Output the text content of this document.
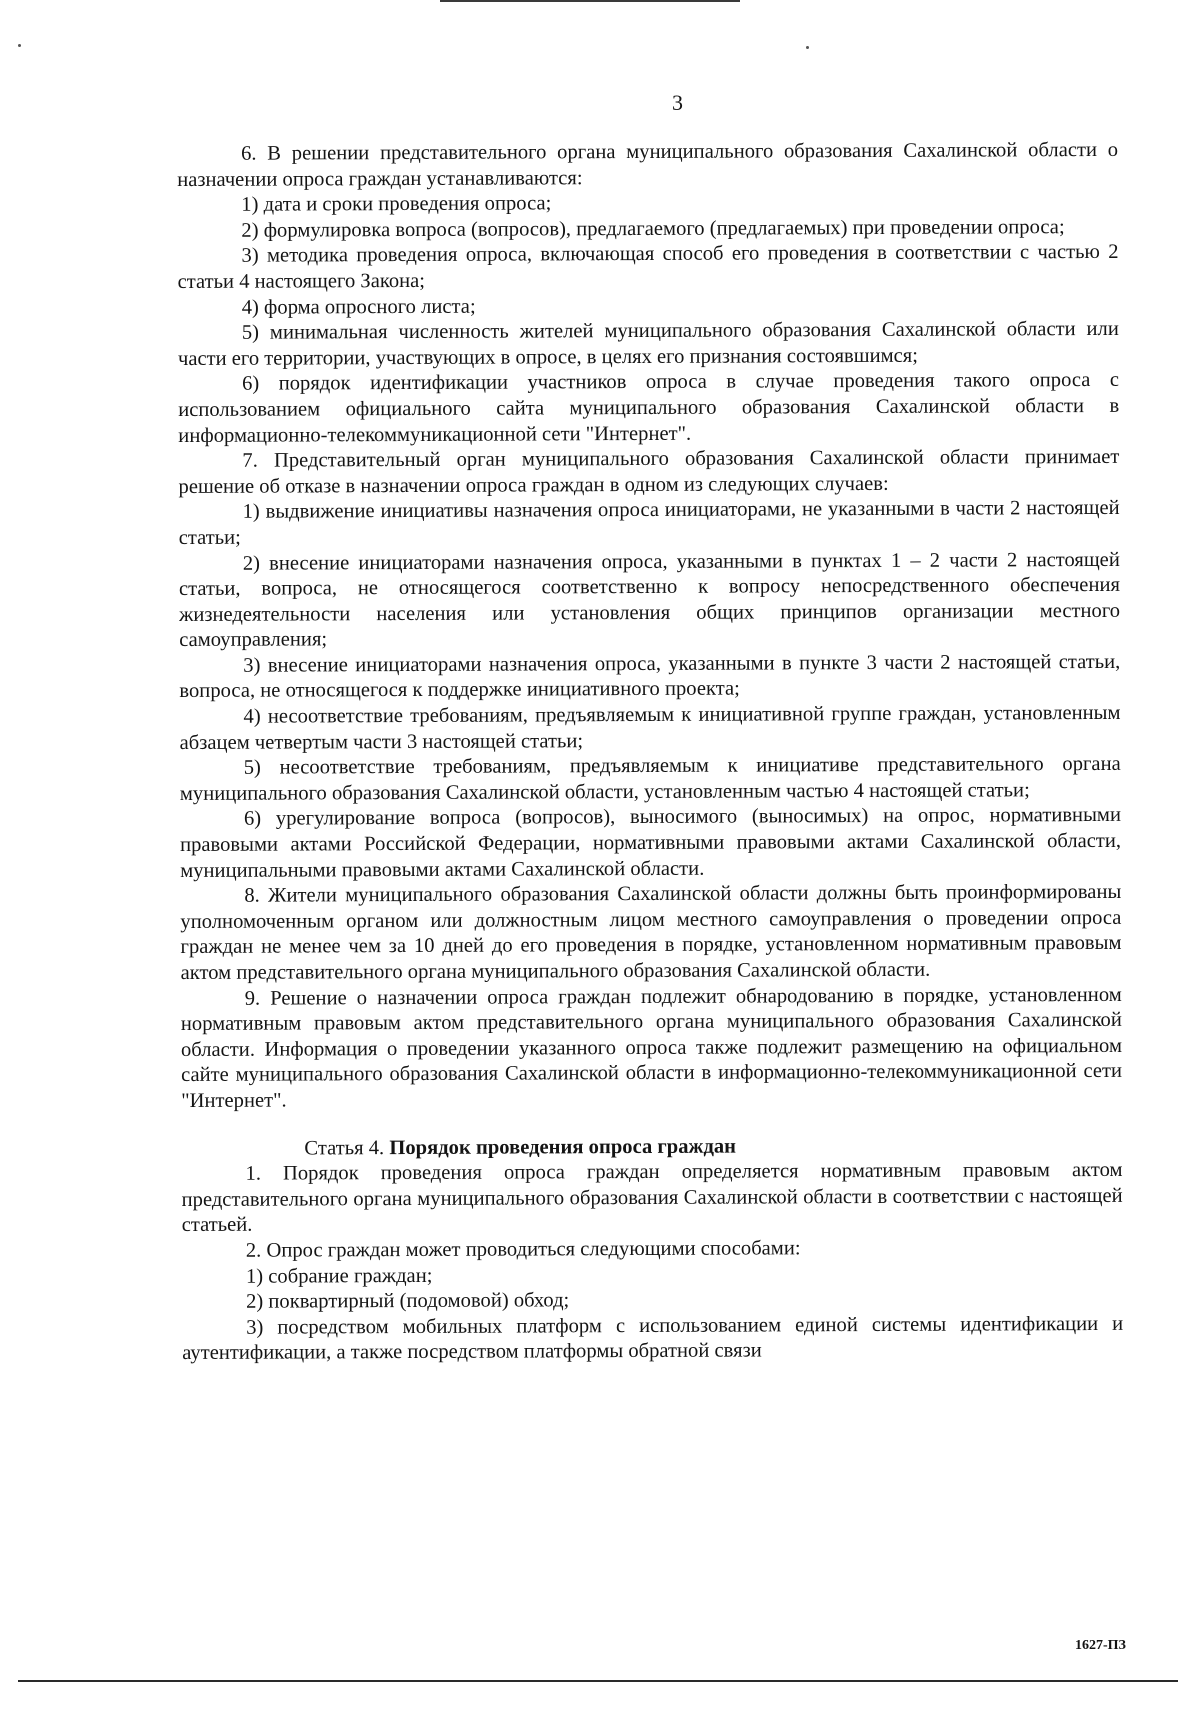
3

6. В решении представительного органа муниципального образования Сахалинской области о назначении опроса граждан устанавливаются:

1) дата и сроки проведения опроса;

2) формулировка вопроса (вопросов), предлагаемого (предлагаемых) при проведении опроса;

3) методика проведения опроса, включающая способ его проведения в соответствии с частью 2 статьи 4 настоящего Закона;

4) форма опросного листа;

5) минимальная численность жителей муниципального образования Сахалинской области или части его территории, участвующих в опросе, в целях его признания состоявшимся;

6) порядок идентификации участников опроса в случае проведения такого опроса с использованием официального сайта муниципального образования Сахалинской области в информационно-телекоммуникационной сети "Интернет".

7. Представительный орган муниципального образования Сахалинской области принимает решение об отказе в назначении опроса граждан в одном из следующих случаев:

1) выдвижение инициативы назначения опроса инициаторами, не указанными в части 2 настоящей статьи;

2) внесение инициаторами назначения опроса, указанными в пунктах 1 – 2 части 2 настоящей статьи, вопроса, не относящегося соответственно к вопросу непосредственного обеспечения жизнедеятельности населения или установления общих принципов организации местного самоуправления;

3) внесение инициаторами назначения опроса, указанными в пункте 3 части 2 настоящей статьи, вопроса, не относящегося к поддержке инициативного проекта;

4) несоответствие требованиям, предъявляемым к инициативной группе граждан, установленным абзацем четвертым части 3 настоящей статьи;

5) несоответствие требованиям, предъявляемым к инициативе представительного органа муниципального образования Сахалинской области, установленным частью 4 настоящей статьи;

6) урегулирование вопроса (вопросов), выносимого (выносимых) на опрос, нормативными правовыми актами Российской Федерации, нормативными правовыми актами Сахалинской области, муниципальными правовыми актами Сахалинской области.

8. Жители муниципального образования Сахалинской области должны быть проинформированы уполномоченным органом или должностным лицом местного самоуправления о проведении опроса граждан не менее чем за 10 дней до его проведения в порядке, установленном нормативным правовым актом представительного органа муниципального образования Сахалинской области.

9. Решение о назначении опроса граждан подлежит обнародованию в порядке, установленном нормативным правовым актом представительного органа муниципального образования Сахалинской области. Информация о проведении указанного опроса также подлежит размещению на официальном сайте муниципального образования Сахалинской области в информационно-телекоммуникационной сети "Интернет".

Статья 4. Порядок проведения опроса граждан

1. Порядок проведения опроса граждан определяется нормативным правовым актом представительного органа муниципального образования Сахалинской области в соответствии с настоящей статьей.

2. Опрос граждан может проводиться следующими способами:

1) собрание граждан;

2) поквартирный (подомовой) обход;

3) посредством мобильных платформ с использованием единой системы идентификации и аутентификации, а также посредством платформы обратной связи

1627-ПЗ
